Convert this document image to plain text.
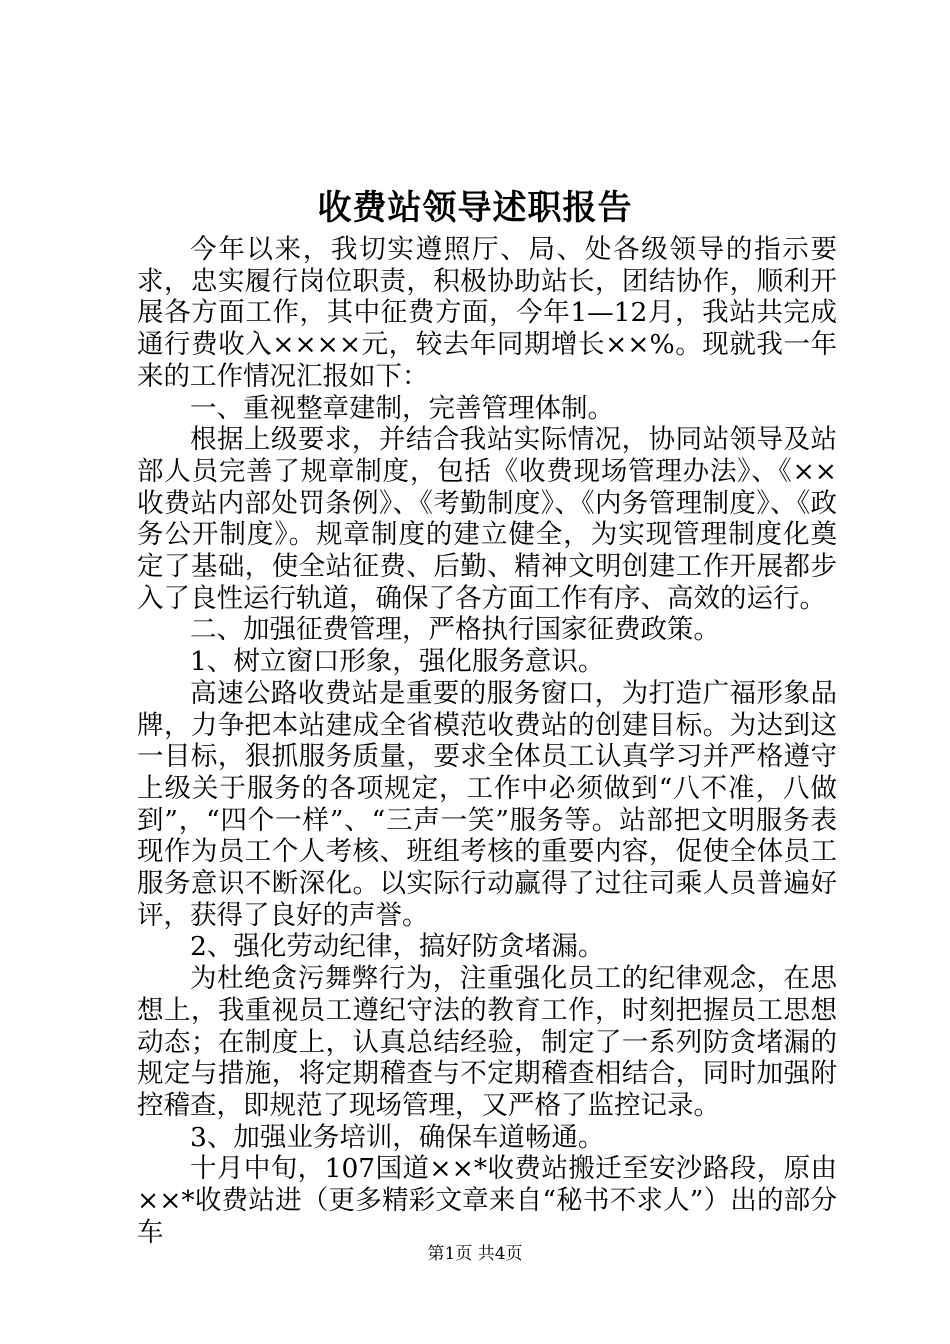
收费站领导述职报告

今年以来，我切实遵照厅、局、处各级领导的指示要求，忠实履行岗位职责，积极协助站长，团结协作，顺利开展各方面工作，其中征费方面，今年1—12月，我站共完成通行费收入××××元，较去年同期增长××%。现就我一年来的工作情况汇报如下：

一、重视整章建制，完善管理体制。

根据上级要求，并结合我站实际情况，协同站领导及站部人员完善了规章制度，包括《收费现场管理办法》、《××收费站内部处罚条例》、《考勤制度》、《内务管理制度》、《政务公开制度》。规章制度的建立健全，为实现管理制度化奠定了基础，使全站征费、后勤、精神文明创建工作开展都步入了良性运行轨道，确保了各方面工作有序、高效的运行。

二、加强征费管理，严格执行国家征费政策。

1、树立窗口形象，强化服务意识。

高速公路收费站是重要的服务窗口，为打造广福形象品牌，力争把本站建成全省模范收费站的创建目标。为达到这一目标，狠抓服务质量，要求全体员工认真学习并严格遵守上级关于服务的各项规定，工作中必须做到“八不准，八做到”，“四个一样”、“三声一笑”服务等。站部把文明服务表现作为员工个人考核、班组考核的重要内容，促使全体员工服务意识不断深化。以实际行动赢得了过往司乘人员普遍好评，获得了良好的声誉。

2、强化劳动纪律，搞好防贪堵漏。

为杜绝贪污舞弊行为，注重强化员工的纪律观念，在思想上，我重视员工遵纪守法的教育工作，时刻把握员工思想动态；在制度上，认真总结经验，制定了一系列防贪堵漏的规定与措施，将定期稽查与不定期稽查相结合，同时加强附控稽查，即规范了现场管理，又严格了监控记录。

3、加强业务培训，确保车道畅通。

十月中旬，107国道××*收费站搬迁至安沙路段，原由××*收费站进（更多精彩文章来自“秘书不求人”）出的部分车

第1页 共4页
